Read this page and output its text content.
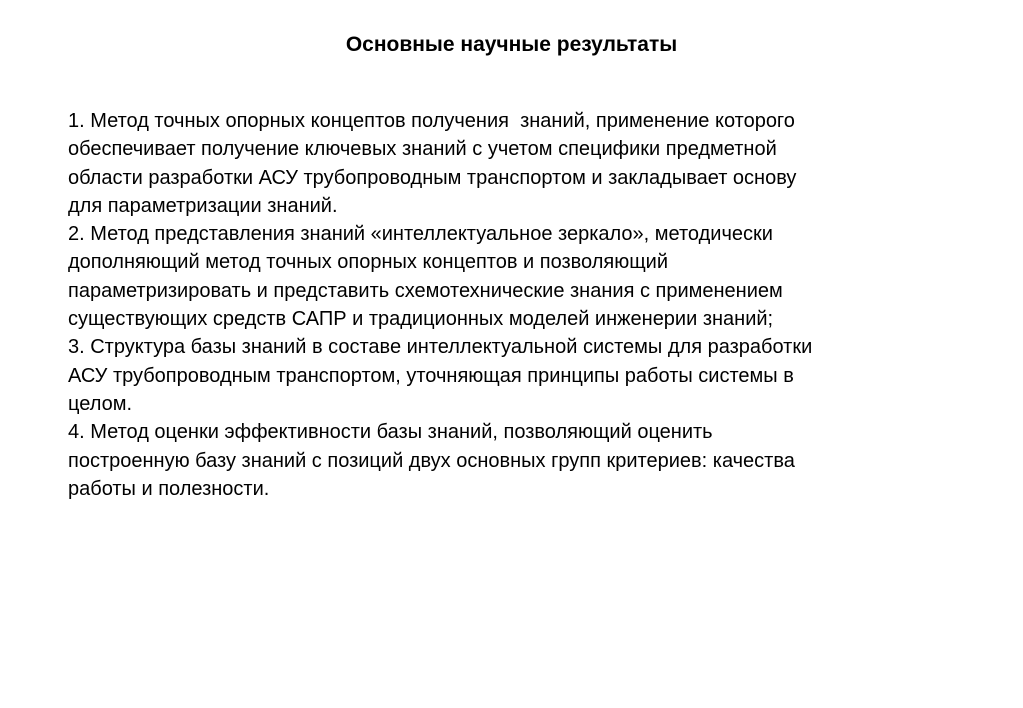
Основные научные результаты
1. Метод точных опорных концептов получения  знаний, применение которого
обеспечивает получение ключевых знаний с учетом специфики предметной
области разработки АСУ трубопроводным транспортом и закладывает основу
для параметризации знаний.
2. Метод представления знаний «интеллектуальное зеркало», методически
дополняющий метод точных опорных концептов и позволяющий
параметризировать и представить схемотехнические знания с применением
существующих средств САПР и традиционных моделей инженерии знаний;
3. Структура базы знаний в составе интеллектуальной системы для разработки
АСУ трубопроводным транспортом, уточняющая принципы работы системы в
целом.
4. Метод оценки эффективности базы знаний, позволяющий оценить
построенную базу знаний с позиций двух основных групп критериев: качества
работы и полезности.
